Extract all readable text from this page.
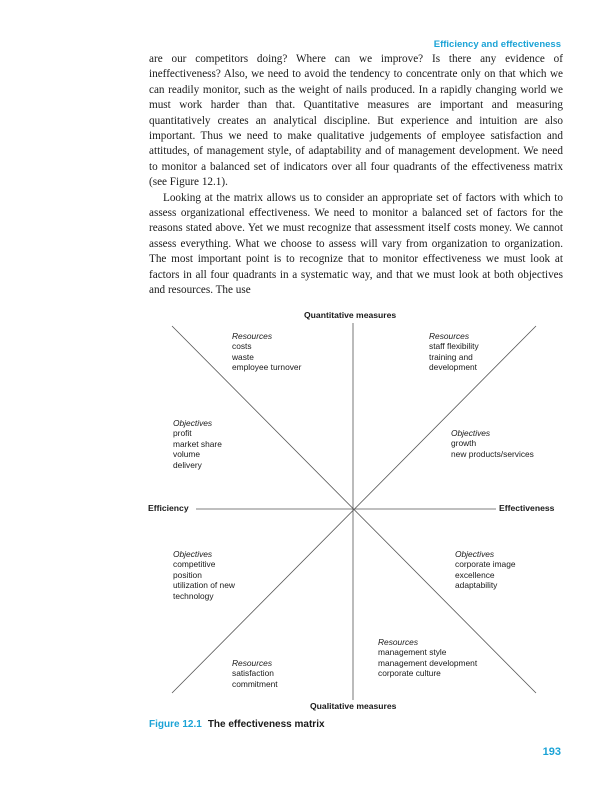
Efficiency and effectiveness

are our competitors doing? Where can we improve? Is there any evidence of ineffectiveness? Also, we need to avoid the tendency to concentrate only on that which we can readily monitor, such as the weight of nails produced. In a rapidly changing world we must work harder than that. Quantitative measures are important and measuring quantitatively creates an analytical discipline. But experience and intuition are also important. Thus we need to make qualitative judgements of employee satisfaction and attitudes, of management style, of adaptability and of management development. We need to monitor a balanced set of indicators over all four quadrants of the effectiveness matrix (see Figure 12.1).

Looking at the matrix allows us to consider an appropriate set of factors with which to assess organizational effectiveness. We need to monitor a balanced set of factors for the reasons stated above. Yet we must recognize that assessment itself costs money. We cannot assess everything. What we choose to assess will vary from organization to organization. The most important point is to recognize that to monitor effectiveness we must look at factors in all four quadrants in a systematic way, and that we must look at both objectives and resources. The use

Quantitative measures
Qualitative measures
Efficiency	Effectiveness
Resources
costs
waste
employee turnover
Resources
staff flexibility
training and
development
Objectives
profit
market share
volume
delivery
Objectives
growth
new products/services
Objectives
competitive
position
utilization of new
technology
Objectives
corporate image
excellence
adaptability
Resources
management style
management development
corporate culture
Resources
satisfaction
commitment
Figure 12.1 The effectiveness matrix
193
